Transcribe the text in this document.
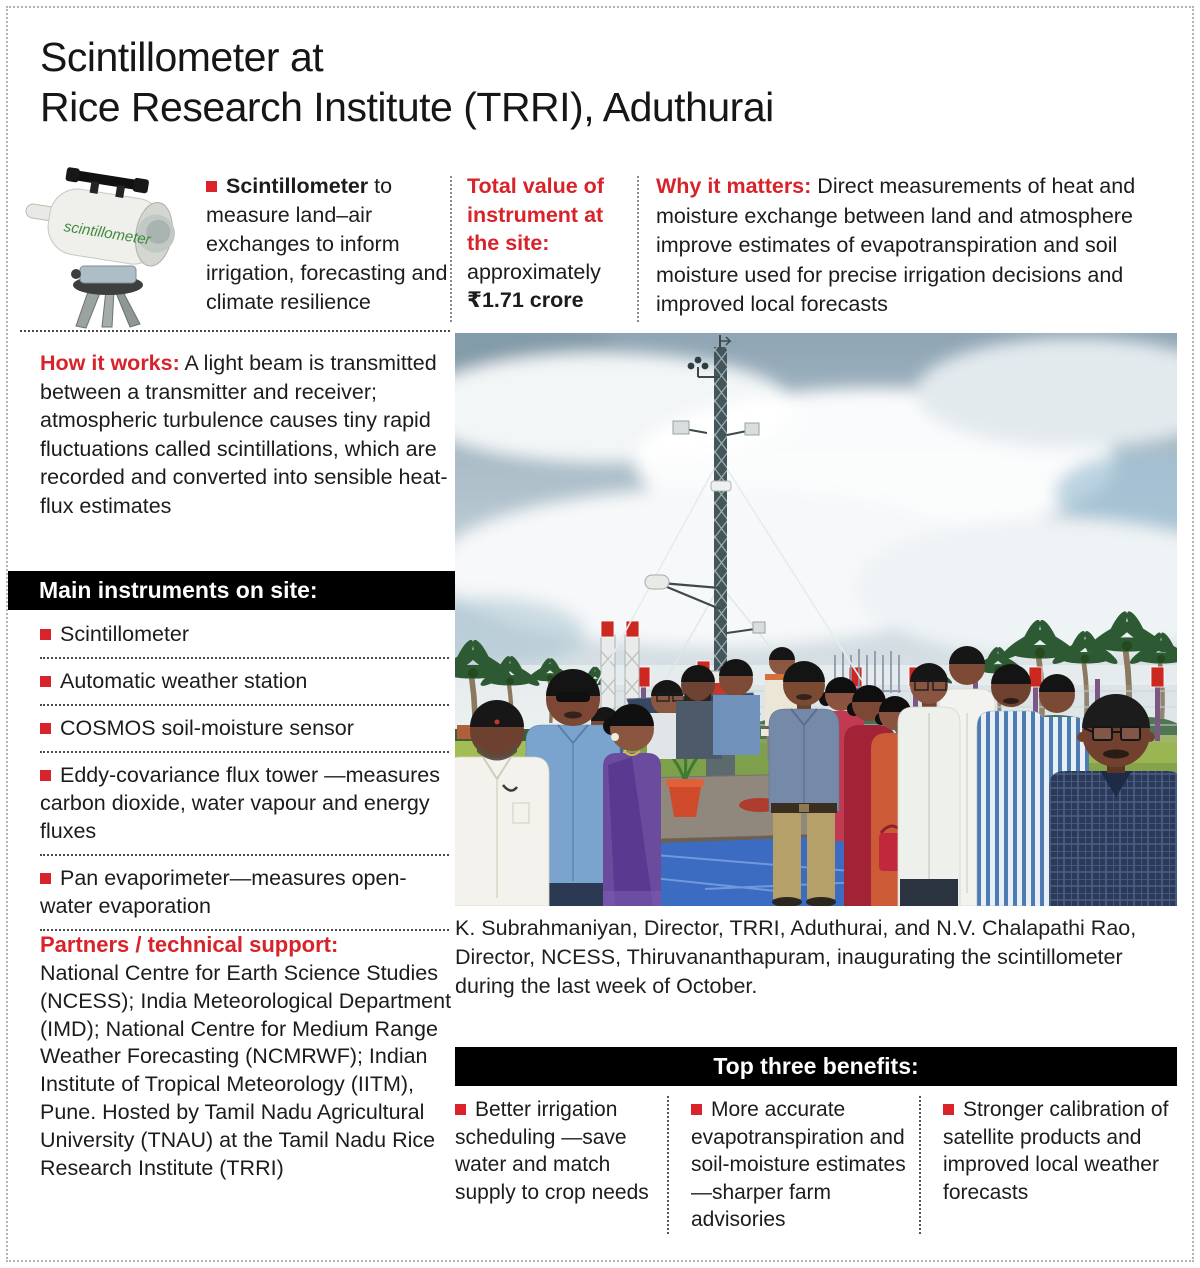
Scintillometer at
Rice Research Institute (TRRI), Aduthurai
scintillometer

Scintillometer to measure land–air exchanges to inform irrigation, forecasting and climate resilience

Total value of instrument at the site:
approximately
₹1.71 crore

Why it matters: Direct measurements of heat and moisture exchange between land and atmosphere improve estimates of evapotranspiration and soil moisture used for precise irrigation decisions and improved local forecasts

How it works: A light beam is transmitted between a transmitter and receiver; atmospheric turbulence causes tiny rapid fluctuations called scintillations, which are recorded and converted into sensible heat-flux estimates

Main instruments on site:
Scintillometer
Automatic weather station
COSMOS soil-moisture sensor
Eddy-covariance flux tower —measures carbon dioxide, water vapour and energy fluxes
Pan evaporimeter—measures open-water evaporation
Partners / technical support:
National Centre for Earth Science Studies (NCESS); India Meteorological Department (IMD); National Centre for Medium Range Weather Forecasting (NCMRWF); Indian Institute of Tropical Meteorology (IITM), Pune. Hosted by Tamil Nadu Agricultural University (TNAU) at the Tamil Nadu Rice Research Institute (TRRI)

K. Subrahmaniyan, Director, TRRI, Aduthurai, and N.V. Chalapathi Rao, Director, NCESS, Thiruvananthapuram, inaugurating the scintillometer during the last week of October.

Top three benefits:
Better irrigation scheduling —save water and match supply to crop needs
More accurate evapotranspiration and soil-moisture estimates —sharper farm advisories
Stronger calibration of satellite products and improved local weather forecasts
